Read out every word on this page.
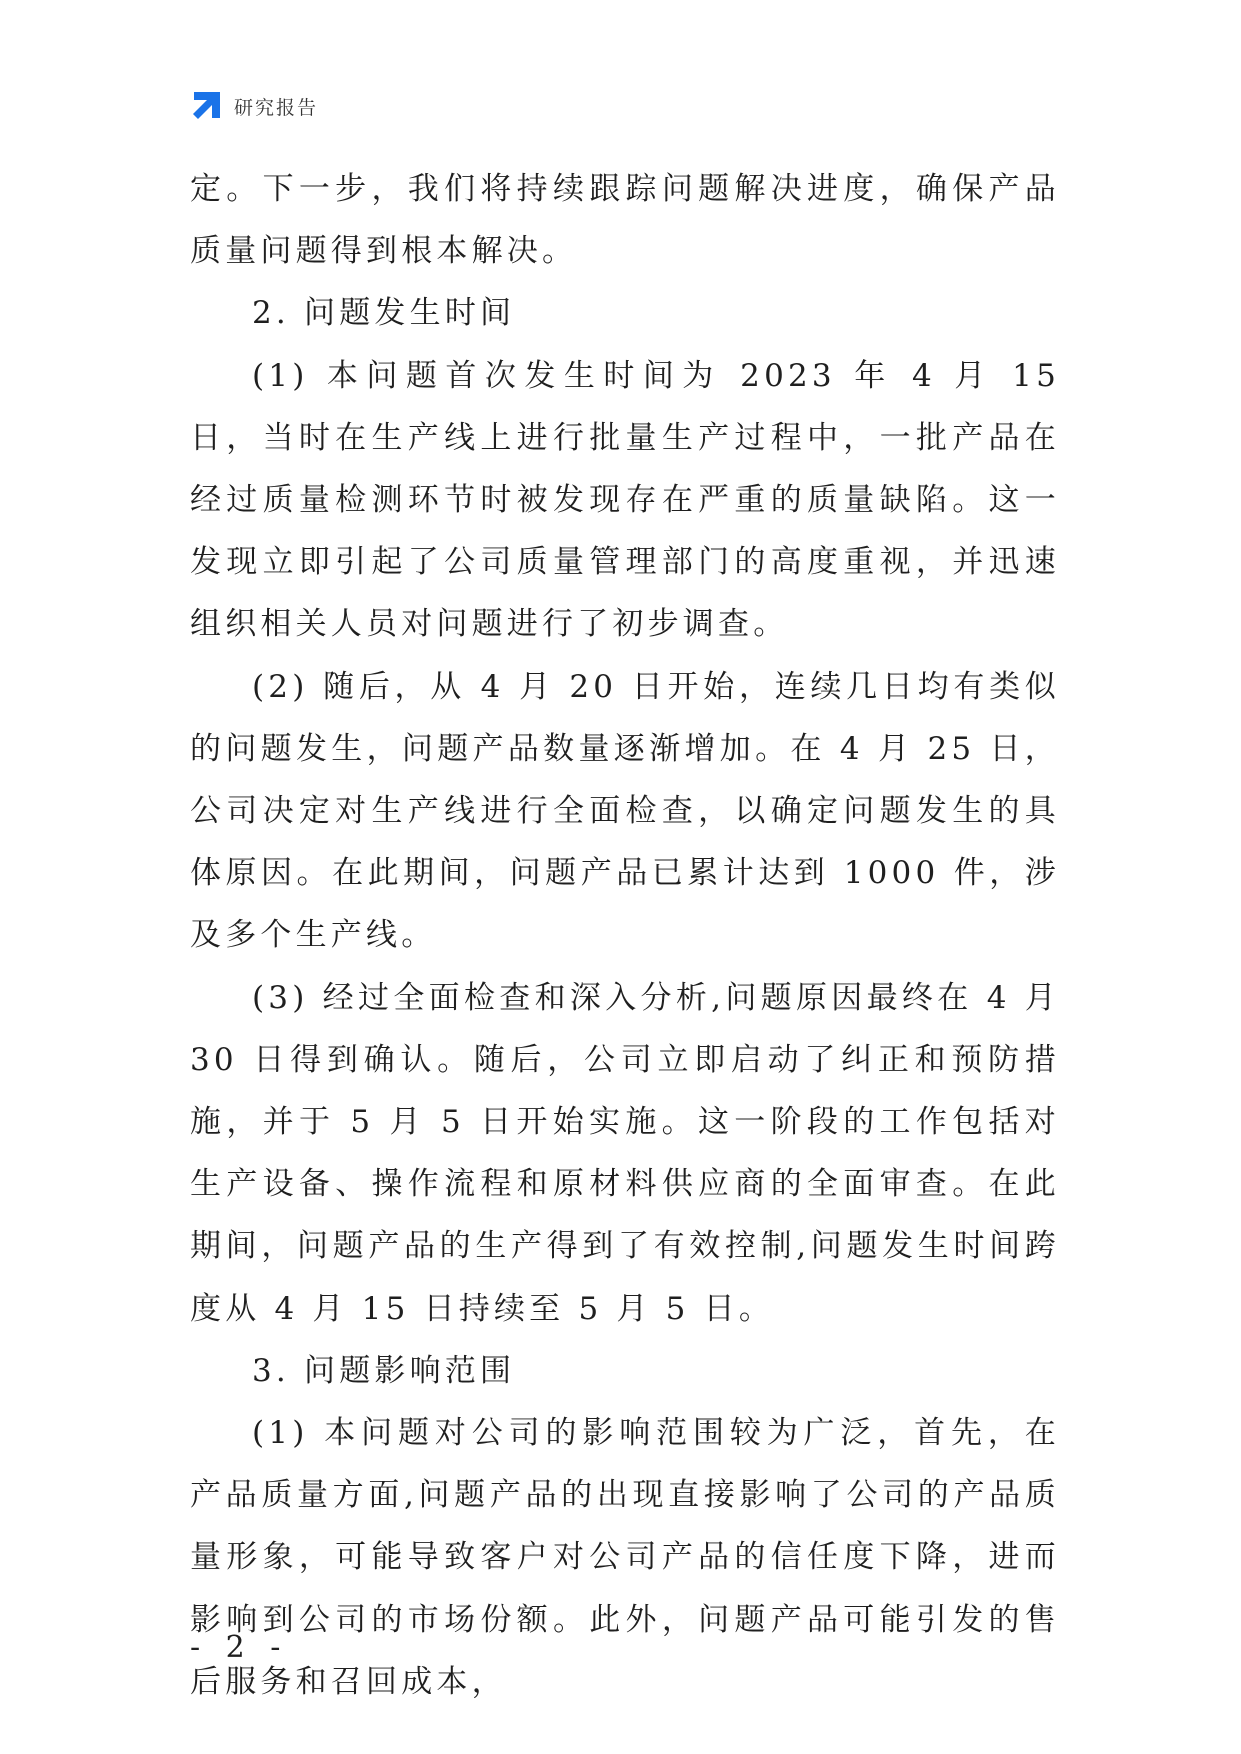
研究报告

定。下一步，我们将持续跟踪问题解决进度，确保产品质量问题得到根本解决。

2. 问题发生时间

(1) 本问题首次发生时间为 2023 年 4 月 15 日，当时在生产线上进行批量生产过程中，一批产品在经过质量检测环节时被发现存在严重的质量缺陷。这一发现立即引起了公司质量管理部门的高度重视，并迅速组织相关人员对问题进行了初步调查。

(2) 随后，从 4 月 20 日开始，连续几日均有类似的问题发生，问题产品数量逐渐增加。在 4 月 25 日，公司决定对生产线进行全面检查，以确定问题发生的具体原因。在此期间，问题产品已累计达到 1000 件，涉及多个生产线。

(3) 经过全面检查和深入分析,问题原因最终在 4 月 30 日得到确认。随后，公司立即启动了纠正和预防措施，并于 5 月 5 日开始实施。这一阶段的工作包括对生产设备、操作流程和原材料供应商的全面审查。在此期间，问题产品的生产得到了有效控制,问题发生时间跨度从 4 月 15 日持续至 5 月 5 日。

3. 问题影响范围

(1) 本问题对公司的影响范围较为广泛，首先，在产品质量方面,问题产品的出现直接影响了公司的产品质量形象，可能导致客户对公司产品的信任度下降，进而影响到公司的市场份额。此外，问题产品可能引发的售后服务和召回成本，

- 2 -
